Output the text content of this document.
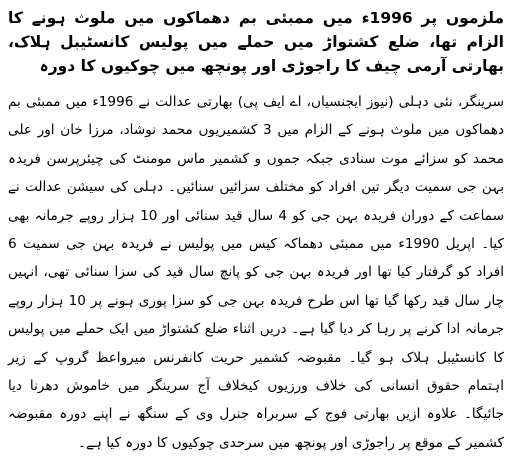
ملزموں پر 1996ء میں ممبئی بم دھماکوں میں ملوث ہونے کا الزام تھا، ضلع کشتواڑ میں حملے میں پولیس کانسٹیبل ہلاک، بھارتی آرمی چیف کا راجوڑی اور پونچھ میں چوکیوں کا دورہ

سرینگر، نئی دہلی (نیوز ایجنسیاں، اے ایف پی) بھارتی عدالت نے 1996ء میں ممبئی بم دھماکوں میں ملوث ہونے کے الزام میں 3 کشمیریوں محمد نوشاد، مرزا خان اور علی محمد کو سزائے موت سنادی جبکہ جموں و کشمیر ماس مومنٹ کی چیئرپرسن فریدہ بہن جی سمیت دیگر تین افراد کو مختلف سزائیں سنائیں۔ دہلی کی سیشن عدالت نے سماعت کے دوران فریدہ بہن جی کو 4 سال قید سنائی اور 10 ہزار روپے جرمانہ بھی کیا۔ اپریل 1990ء میں ممبئی دھماکہ کیس میں پولیس نے فریدہ بہن جی سمیت 6 افراد کو گرفتار کیا تھا اور فریدہ بہن جی کو پانچ سال قید کی سزا سنائی تھی، انہیں چار سال قید رکھا گیا تھا اس طرح فریدہ بہن جی کو سزا پوری ہونے پر 10 ہزار روپے جرمانہ ادا کرنے پر رہا کر دیا گیا ہے۔ دریں اثناء ضلع کشتواڑ میں ایک حملے میں پولیس کا کانسٹیبل ہلاک ہو گیا۔ مقبوضہ کشمیر حریت کانفرنس میرواعظ گروپ کے زیر اہتمام حقوق انسانی کی خلاف ورزیوں کیخلاف آج سرینگر میں خاموش دھرنا دیا جائیگا۔ علاوہ ازیں بھارتی فوج کے سربراہ جنرل وی کے سنگھ نے اپنے دورہ مقبوضہ کشمیر کے موقع پر راجوڑی اور پونچھ میں سرحدی چوکیوں کا دورہ کیا ہے۔
